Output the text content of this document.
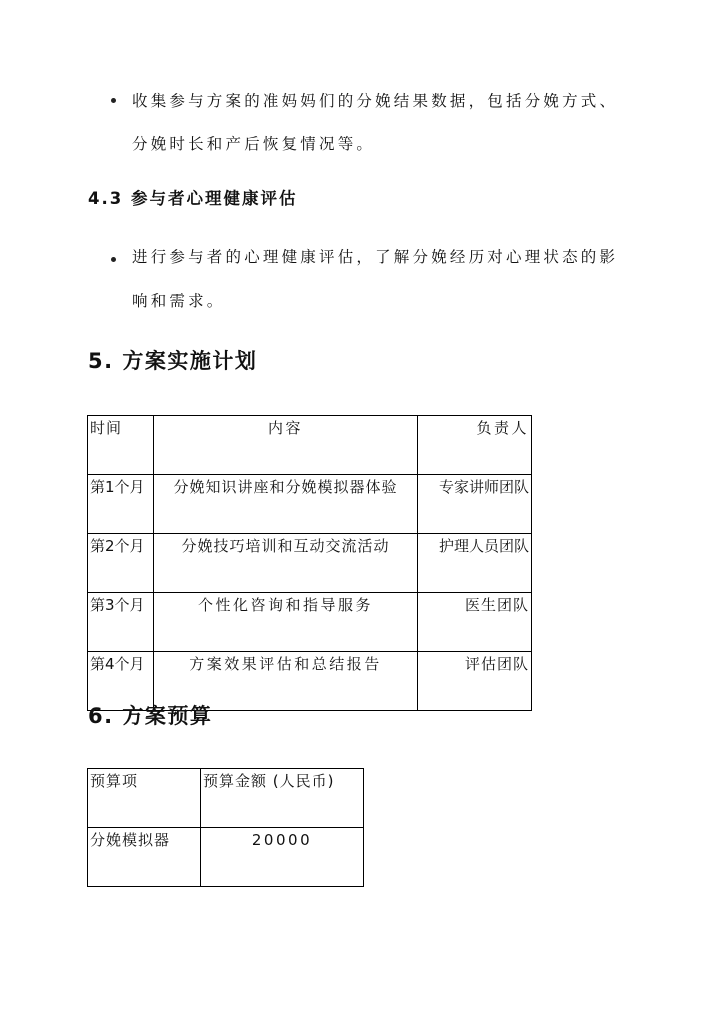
收集参与方案的准妈妈们的分娩结果数据，包括分娩方式、
分娩时长和产后恢复情况等。
4.3 参与者心理健康评估
进行参与者的心理健康评估，了解分娩经历对心理状态的影
响和需求。
5. 方案实施计划
时间	内容	负责人
第1个月	分娩知识讲座和分娩模拟器体验	专家讲师团队
第2个月	分娩技巧培训和互动交流活动	护理人员团队
第3个月	个性化咨询和指导服务	医生团队
第4个月	方案效果评估和总结报告	评估团队
6. 方案预算
预算项	预算金额 (人民币)
分娩模拟器	20000
